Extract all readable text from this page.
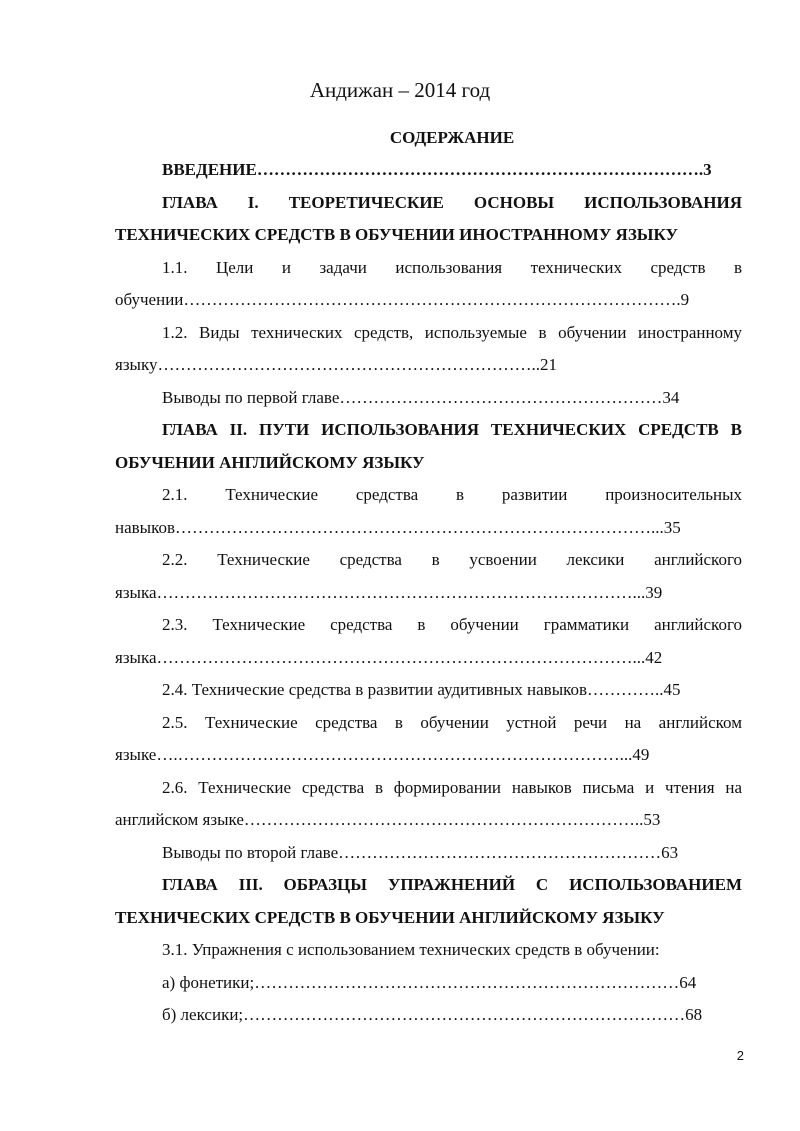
Андижан – 2014 год
СОДЕРЖАНИЕ

ВВЕДЕНИЕ…………………………………………………………………….3

ГЛАВА I. ТЕОРЕТИЧЕСКИЕ ОСНОВЫ ИСПОЛЬЗОВАНИЯ ТЕХНИЧЕСКИХ СРЕДСТВ В ОБУЧЕНИИ ИНОСТРАННОМУ ЯЗЫКУ

1.1. Цели и задачи использования технических средств в обучении…………………………………………………………………………….9

1.2. Виды технических средств, используемые в обучении иностранному языку…………………………………………………………..21

Выводы по первой главе…………………………………………………34

ГЛАВА II. ПУТИ ИСПОЛЬЗОВАНИЯ ТЕХНИЧЕСКИХ СРЕДСТВ В ОБУЧЕНИИ АНГЛИЙСКОМУ ЯЗЫКУ

2.1. Технические средства в развитии произносительных навыков…………………………………………………………………………...35

2.2. Технические средства в усвоении лексики английского языка…………………………………………………………………………...39

2.3. Технические средства в обучении грамматики английского языка…………………………………………………………………………...42

2.4. Технические средства в развитии аудитивных навыков…………..45

2.5. Технические средства в обучении устной речи на английском языке….……………………………………………………………………...49

2.6. Технические средства в формировании навыков письма и чтения на английском языке……………………………………………………………..53

Выводы по второй главе…………………………………………………63

ГЛАВА III. ОБРАЗЦЫ УПРАЖНЕНИЙ С ИСПОЛЬЗОВАНИЕМ ТЕХНИЧЕСКИХ СРЕДСТВ В ОБУЧЕНИИ АНГЛИЙСКОМУ ЯЗЫКУ

3.1. Упражнения с использованием технических средств в обучении:

а) фонетики;…………………………………………………………………64

б) лексики;……………………………………………………………………68

2
